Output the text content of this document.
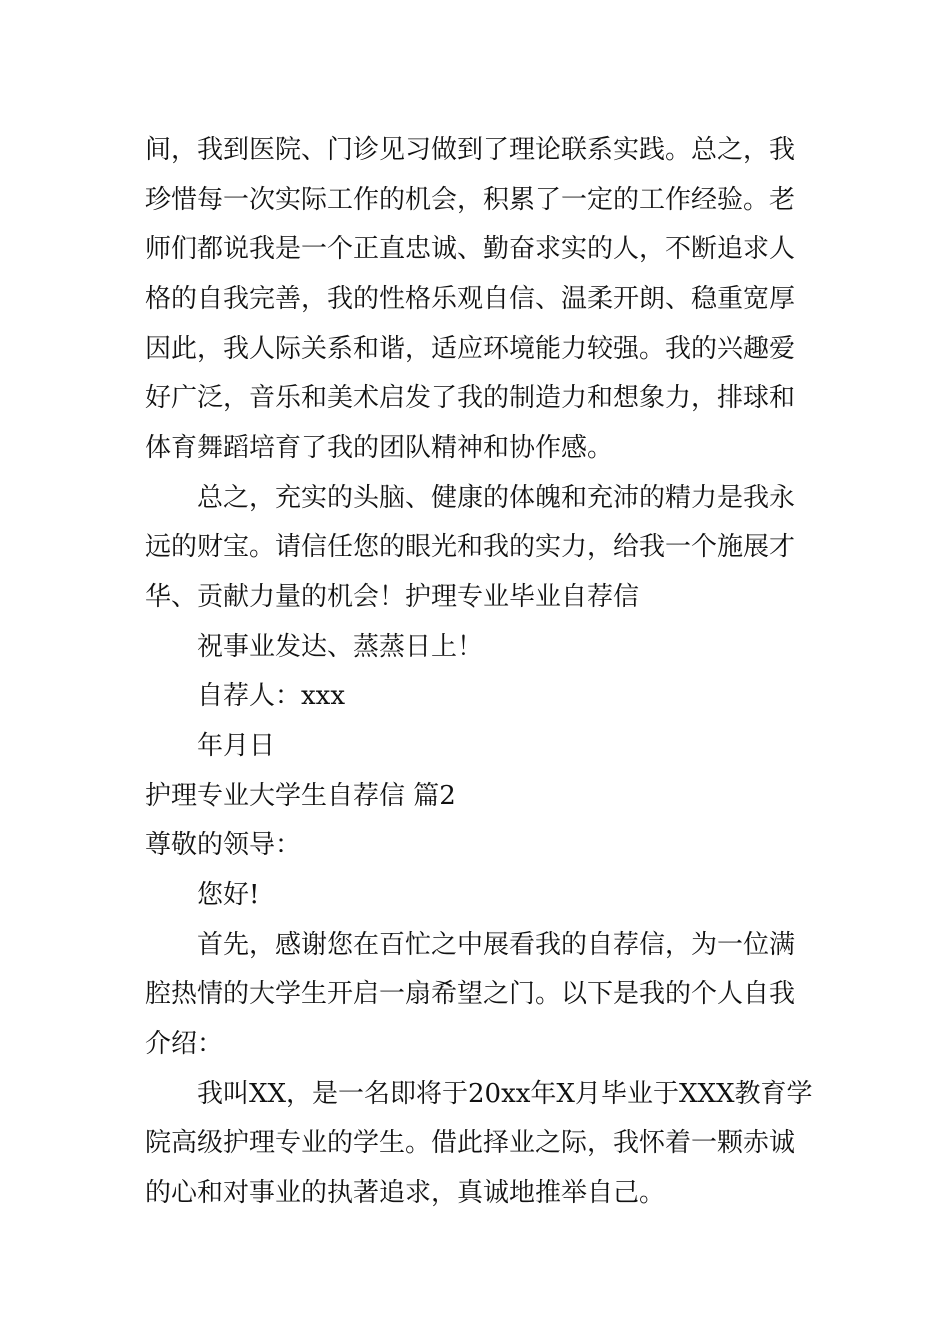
间，我到医院、门诊见习做到了理论联系实践。总之，我
珍惜每一次实际工作的机会，积累了一定的工作经验。老
师们都说我是一个正直忠诚、勤奋求实的人，不断追求人
格的自我完善，我的性格乐观自信、温柔开朗、稳重宽厚
因此，我人际关系和谐，适应环境能力较强。我的兴趣爱
好广泛，音乐和美术启发了我的制造力和想象力，排球和
体育舞蹈培育了我的团队精神和协作感。
总之，充实的头脑、健康的体魄和充沛的精力是我永
远的财宝。请信任您的眼光和我的实力，给我一个施展才
华、贡献力量的机会！护理专业毕业自荐信
祝事业发达、蒸蒸日上！
自荐人：xxx
年月日
护理专业大学生自荐信 篇2
尊敬的领导：
您好!
首先，感谢您在百忙之中展看我的自荐信，为一位满
腔热情的大学生开启一扇希望之门。以下是我的个人自我
介绍：
我叫XX，是一名即将于20xx年X月毕业于XXX教育学
院高级护理专业的学生。借此择业之际，我怀着一颗赤诚
的心和对事业的执著追求，真诚地推举自己。
